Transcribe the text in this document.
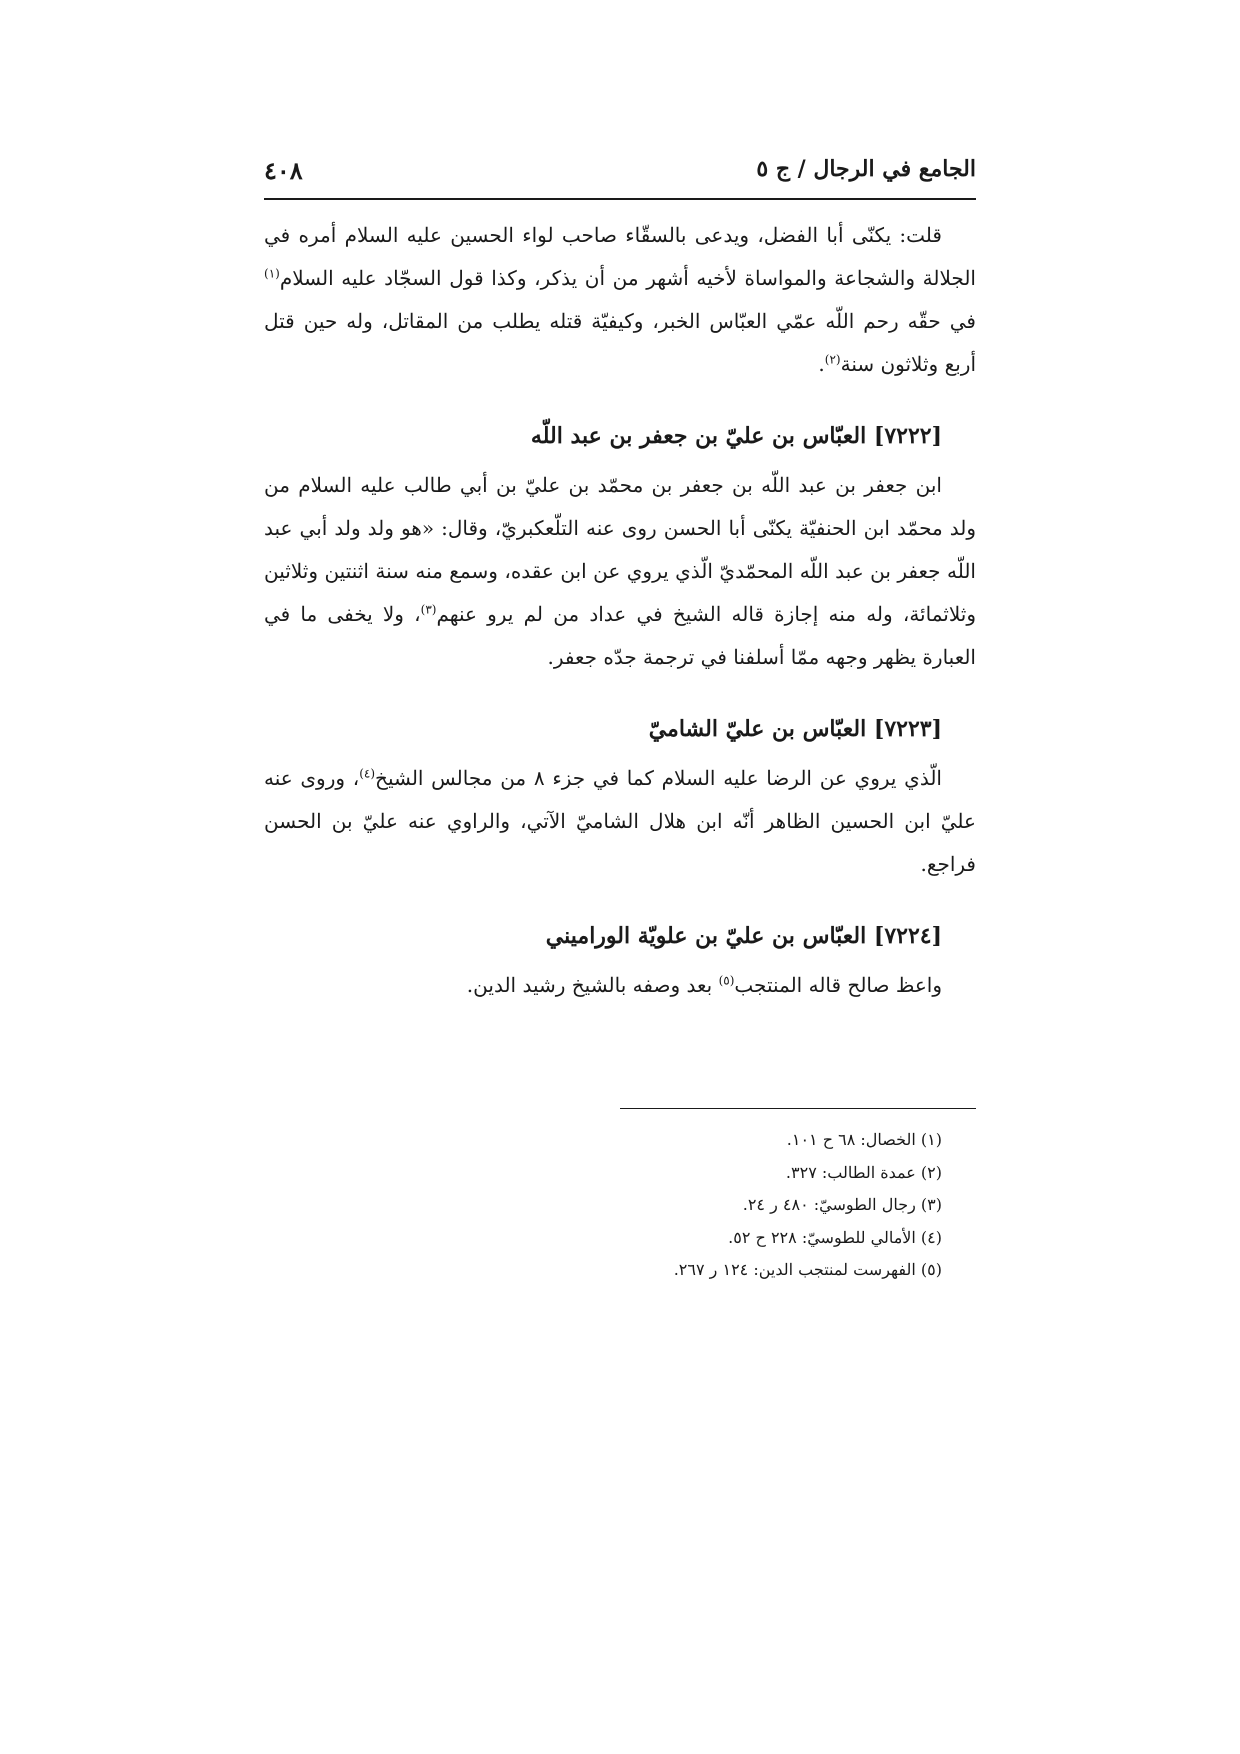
الجامع في الرجال / ج ٥
٤٠٨

قلت: يكنّى أبا الفضل، ويدعى بالسقّاء صاحب لواء الحسين عليه السلام أمره في الجلالة والشجاعة والمواساة لأخيه أشهر من أن يذكر، وكذا قول السجّاد عليه السلام$^{(١)}$ في حقّه رحم اللّه عمّي العبّاس الخبر، وكيفيّة قتله يطلب من المقاتل، وله حين قتل أربع وثلاثون سنة$^{(٢)}$.

[٧٢٢٢] العبّاس بن عليّ بن جعفر بن عبد اللّه

ابن جعفر بن عبد اللّه بن جعفر بن محمّد بن عليّ بن أبي طالب عليه السلام من ولد محمّد ابن الحنفيّة يكنّى أبا الحسن روى عنه التلّعكبريّ، وقال: «هو ولد ولد أبي عبد اللّه جعفر بن عبد اللّه المحمّديّ الّذي يروي عن ابن عقده، وسمع منه سنة اثنتين وثلاثين وثلاثمائة، وله منه إجازة قاله الشيخ في عداد من لم يرو عنهم$^{(٣)}$، ولا يخفى ما في العبارة يظهر وجهه ممّا أسلفنا في ترجمة جدّه جعفر.

[٧٢٢٣] العبّاس بن عليّ الشاميّ

الّذي يروي عن الرضا عليه السلام كما في جزء ٨ من مجالس الشيخ$^{(٤)}$، وروى عنه عليّ ابن الحسين الظاهر أنّه ابن هلال الشاميّ الآتي، والراوي عنه عليّ بن الحسن فراجع.

[٧٢٢٤] العبّاس بن عليّ بن علويّة الوراميني

واعظ صالح قاله المنتجب$^{(٥)}$ بعد وصفه بالشيخ رشيد الدين.

(١) الخصال: ٦٨ ح ١٠١.
(٢) عمدة الطالب: ٣٢٧.
(٣) رجال الطوسيّ: ٤٨٠ ر ٢٤.
(٤) الأمالي للطوسيّ: ٢٢٨ ح ٥٢.
(٥) الفهرست لمنتجب الدين: ١٢٤ ر ٢٦٧.
